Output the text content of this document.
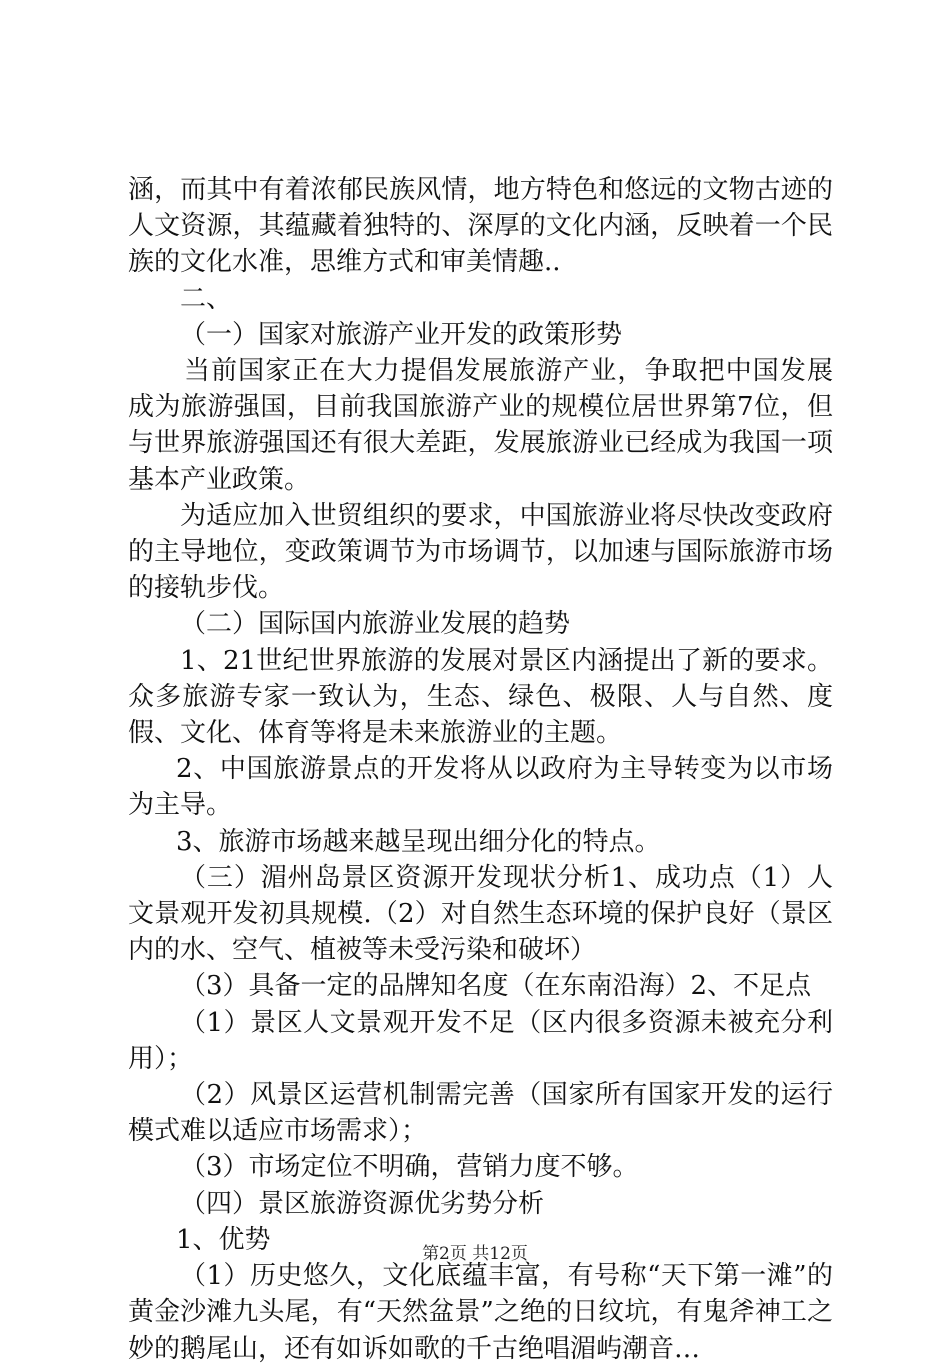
涵，而其中有着浓郁民族风情，地方特色和悠远的文物古迹的人文资源，其蕴藏着独特的、深厚的文化内涵，反映着一个民族的文化水准，思维方式和审美情趣..

二、

（一）国家对旅游产业开发的政策形势

当前国家正在大力提倡发展旅游产业，争取把中国发展成为旅游强国，目前我国旅游产业的规模位居世界第7位，但与世界旅游强国还有很大差距，发展旅游业已经成为我国一项基本产业政策。

为适应加入世贸组织的要求，中国旅游业将尽快改变政府的主导地位，变政策调节为市场调节，以加速与国际旅游市场的接轨步伐。

（二）国际国内旅游业发展的趋势

1、21世纪世界旅游的发展对景区内涵提出了新的要求。众多旅游专家一致认为，生态、绿色、极限、人与自然、度假、文化、体育等将是未来旅游业的主题。

2、中国旅游景点的开发将从以政府为主导转变为以市场为主导。

3、旅游市场越来越呈现出细分化的特点。

（三）湄州岛景区资源开发现状分析1、成功点（1）人文景观开发初具规模.（2）对自然生态环境的保护良好（景区内的水、空气、植被等未受污染和破坏）

（3）具备一定的品牌知名度（在东南沿海）2、不足点

（1）景区人文景观开发不足（区内很多资源未被充分利用）；

（2）风景区运营机制需完善（国家所有国家开发的运行模式难以适应市场需求）；

（3）市场定位不明确，营销力度不够。

（四）景区旅游资源优劣势分析

1、优势

（1）历史悠久，文化底蕴丰富，有号称“天下第一滩”的黄金沙滩九头尾，有“天然盆景”之绝的日纹坑，有鬼斧神工之妙的鹅尾山，还有如诉如歌的千古绝唱湄屿潮音…

第2页 共12页
